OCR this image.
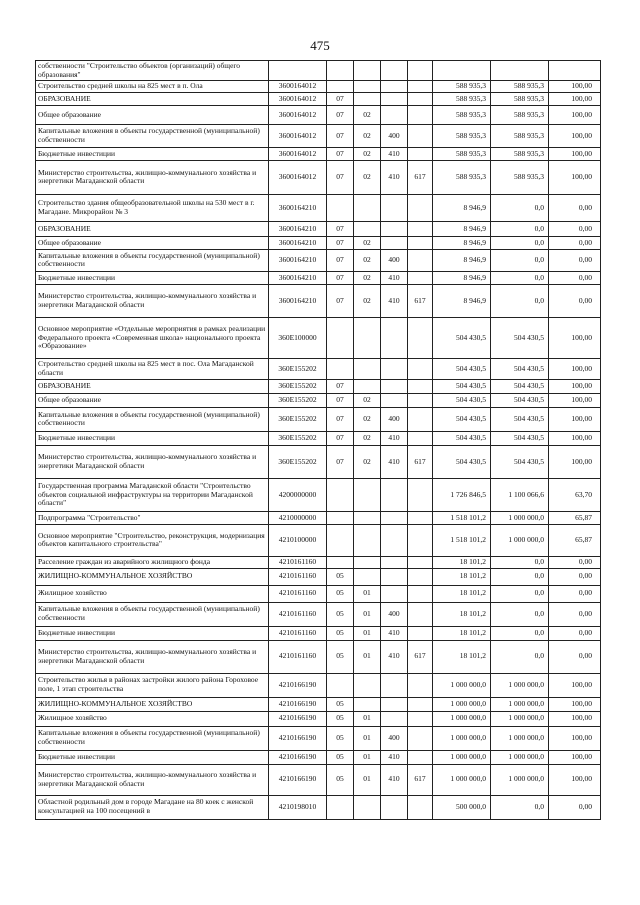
475
собственности "Строительство объектов (организаций) общего образования"								
Строительство средней школы на 825 мест в п. Ола	3600164012					588 935,3	588 935,3	100,00
ОБРАЗОВАНИЕ	3600164012	07				588 935,3	588 935,3	100,00
Общее образование	3600164012	07	02			588 935,3	588 935,3	100,00
Капитальные вложения в объекты государственной (муниципальной) собственности	3600164012	07	02	400		588 935,3	588 935,3	100,00
Бюджетные инвестиции	3600164012	07	02	410		588 935,3	588 935,3	100,00
Министерство строительства, жилищно-коммунального хозяйства и энергетики Магаданской области	3600164012	07	02	410	617	588 935,3	588 935,3	100,00
Строительство здания общеобразовательной школы на 530 мест в г. Магадане. Микрорайон № 3	3600164210					8 946,9	0,0	0,00
ОБРАЗОВАНИЕ	3600164210	07				8 946,9	0,0	0,00
Общее образование	3600164210	07	02			8 946,9	0,0	0,00
Капитальные вложения в объекты государственной (муниципальной) собственности	3600164210	07	02	400		8 946,9	0,0	0,00
Бюджетные инвестиции	3600164210	07	02	410		8 946,9	0,0	0,00
Министерство строительства, жилищно-коммунального хозяйства и энергетики Магаданской области	3600164210	07	02	410	617	8 946,9	0,0	0,00
Основное мероприятие «Отдельные мероприятия в рамках реализации Федерального проекта «Современная школа» национального проекта «Образование»	360E100000					504 430,5	504 430,5	100,00
Строительство средней школы на 825 мест в пос. Ола Магаданской области	360E155202					504 430,5	504 430,5	100,00
ОБРАЗОВАНИЕ	360E155202	07				504 430,5	504 430,5	100,00
Общее образование	360E155202	07	02			504 430,5	504 430,5	100,00
Капитальные вложения в объекты государственной (муниципальной) собственности	360E155202	07	02	400		504 430,5	504 430,5	100,00
Бюджетные инвестиции	360E155202	07	02	410		504 430,5	504 430,5	100,00
Министерство строительства, жилищно-коммунального хозяйства и энергетики Магаданской области	360E155202	07	02	410	617	504 430,5	504 430,5	100,00
Государственная программа Магаданской области "Строительство объектов социальной инфраструктуры на территории Магаданской области"	4200000000					1 726 846,5	1 100 066,6	63,70
Подпрограмма "Строительство"	4210000000					1 518 101,2	1 000 000,0	65,87
Основное мероприятие "Строительство, реконструкция, модернизация объектов капитального строительства"	4210100000					1 518 101,2	1 000 000,0	65,87
Расселение граждан из аварийного жилищного фонда	4210161160					18 101,2	0,0	0,00
ЖИЛИЩНО-КОММУНАЛЬНОЕ ХОЗЯЙСТВО	4210161160	05				18 101,2	0,0	0,00
Жилищное хозяйство	4210161160	05	01			18 101,2	0,0	0,00
Капитальные вложения в объекты государственной (муниципальной) собственности	4210161160	05	01	400		18 101,2	0,0	0,00
Бюджетные инвестиции	4210161160	05	01	410		18 101,2	0,0	0,00
Министерство строительства, жилищно-коммунального хозяйства и энергетики Магаданской области	4210161160	05	01	410	617	18 101,2	0,0	0,00
Строительство жилья в районах застройки жилого района Гороховое поле, 1 этап строительства	4210166190					1 000 000,0	1 000 000,0	100,00
ЖИЛИЩНО-КОММУНАЛЬНОЕ ХОЗЯЙСТВО	4210166190	05				1 000 000,0	1 000 000,0	100,00
Жилищное хозяйство	4210166190	05	01			1 000 000,0	1 000 000,0	100,00
Капитальные вложения в объекты государственной (муниципальной) собственности	4210166190	05	01	400		1 000 000,0	1 000 000,0	100,00
Бюджетные инвестиции	4210166190	05	01	410		1 000 000,0	1 000 000,0	100,00
Министерство строительства, жилищно-коммунального хозяйства и энергетики Магаданской области	4210166190	05	01	410	617	1 000 000,0	1 000 000,0	100,00
Областной родильный дом в городе Магадане на 80 коек с женской консультацией на 100 посещений в	4210198010					500 000,0	0,0	0,00
